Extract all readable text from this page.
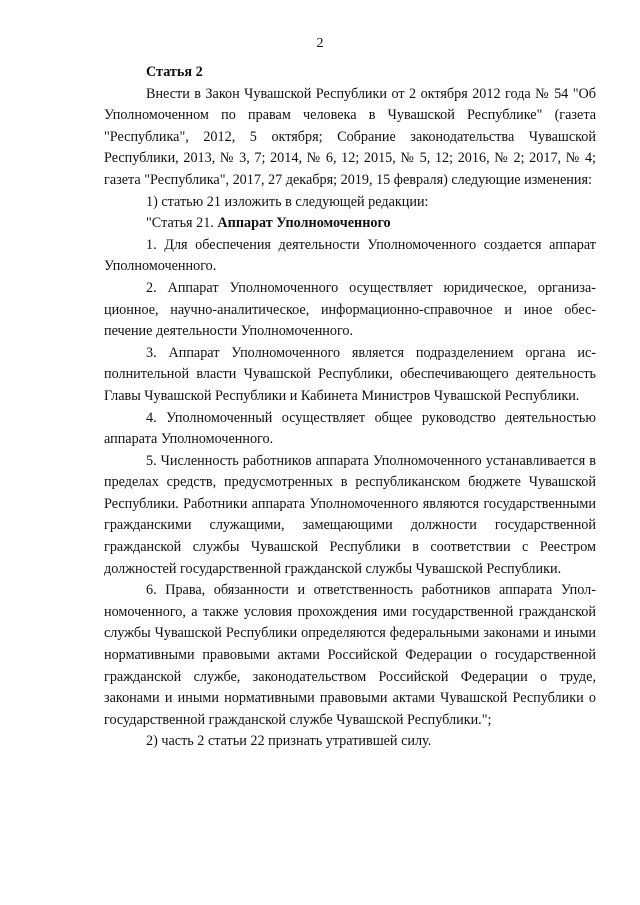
2

Статья 2

Внести в Закон Чувашской Республики от 2 октября 2012 года № 54 "Об Уполномоченном по правам человека в Чувашской Республике" (газета "Республика", 2012, 5 октября; Собрание законодательства Чувашской Республики, 2013, № 3, 7; 2014, № 6, 12; 2015, № 5, 12; 2016, № 2; 2017, № 4; газета "Республика", 2017, 27 декабря; 2019, 15 февраля) следующие изменения:

1) статью 21 изложить в следующей редакции:

"Статья 21. Аппарат Уполномоченного

1. Для обеспечения деятельности Уполномоченного создается аппарат Уполномоченного.

2. Аппарат Уполномоченного осуществляет юридическое, организационное, научно-аналитическое, информационно-справочное и иное обеспечение деятельности Уполномоченного.

3. Аппарат Уполномоченного является подразделением органа исполнительной власти Чувашской Республики, обеспечивающего деятельность Главы Чувашской Республики и Кабинета Министров Чувашской Республики.

4. Уполномоченный осуществляет общее руководство деятельностью аппарата Уполномоченного.

5. Численность работников аппарата Уполномоченного устанавливается в пределах средств, предусмотренных в республиканском бюджете Чувашской Республики. Работники аппарата Уполномоченного являются государственными гражданскими служащими, замещающими должности государственной гражданской службы Чувашской Республики в соответствии с Реестром должностей государственной гражданской службы Чувашской Республики.

6. Права, обязанности и ответственность работников аппарата Уполномоченного, а также условия прохождения ими государственной гражданской службы Чувашской Республики определяются федеральными законами и иными нормативными правовыми актами Российской Федерации о государственной гражданской службе, законодательством Российской Федерации о труде, законами и иными нормативными правовыми актами Чувашской Республики о государственной гражданской службе Чувашской Республики.";

2) часть 2 статьи 22 признать утратившей силу.
